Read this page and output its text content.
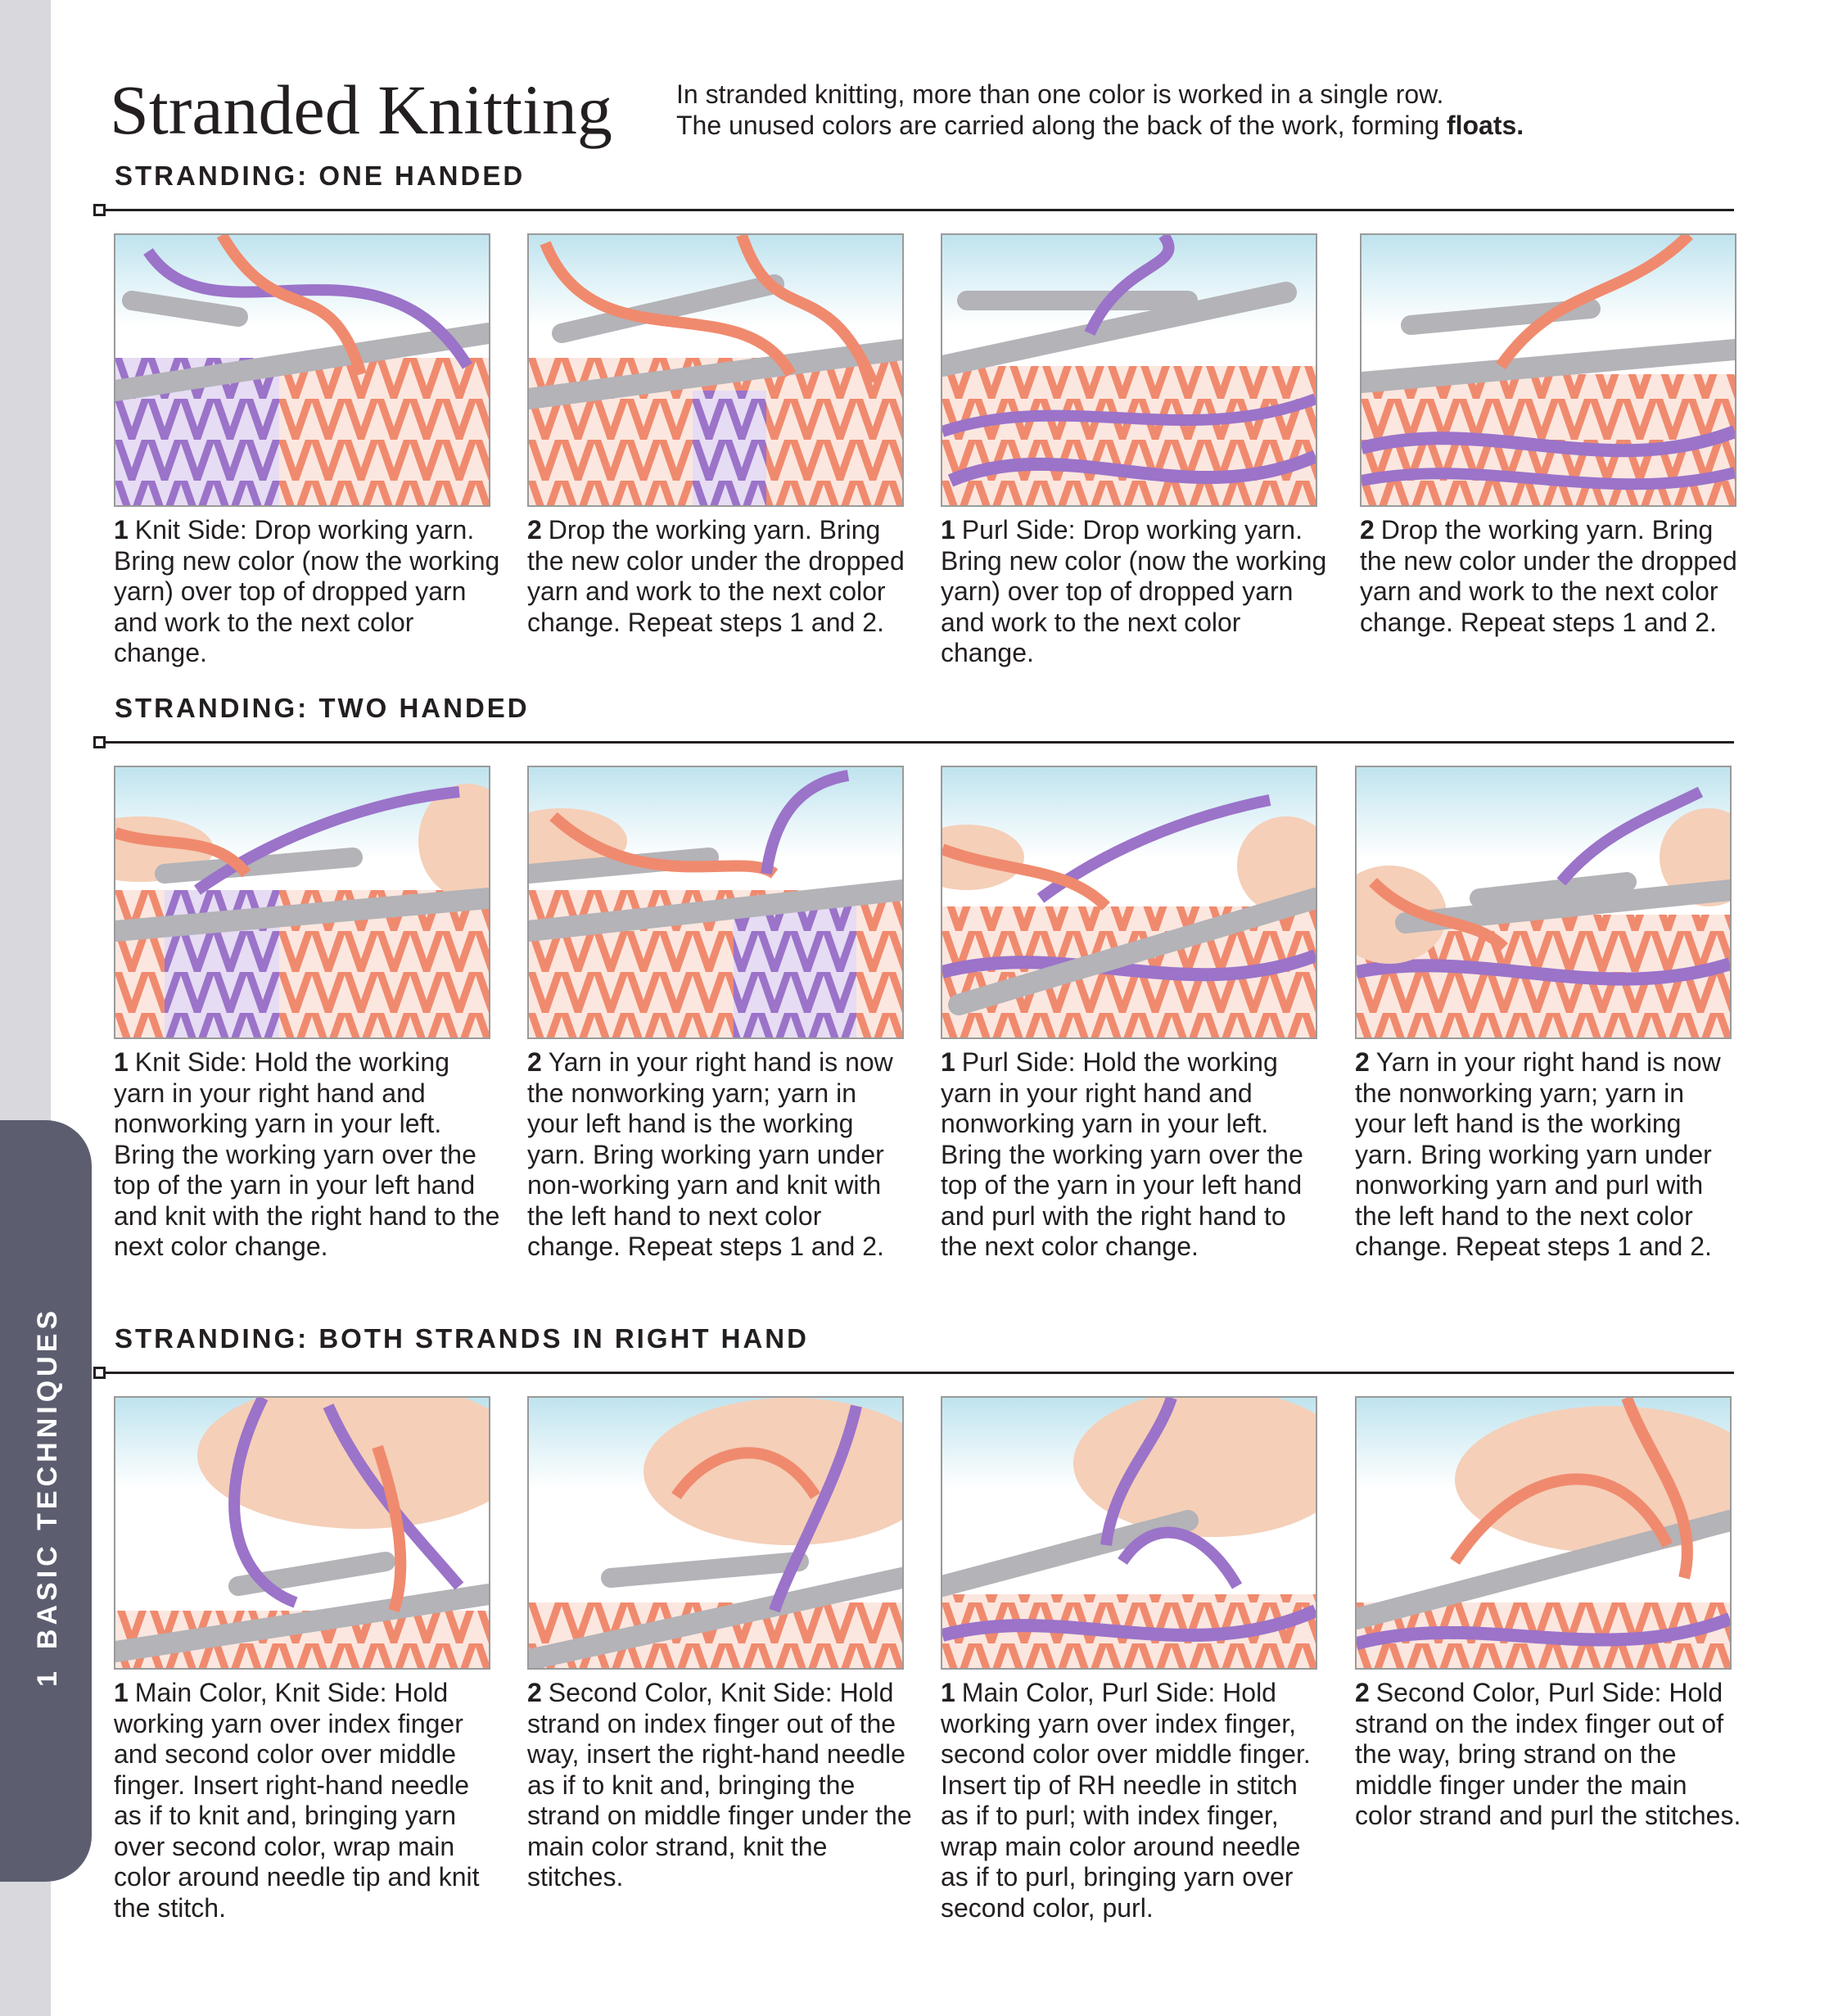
1BASIC TECHNIQUES
Stranded Knitting In stranded knitting, more than one color is worked in a single row.

The unused colors are carried along the back of the work, forming floats.

STRANDING: ONE HANDED
STRANDING: TWO HANDED
STRANDING: BOTH STRANDS IN RIGHT HAND
1 Knit Side: Drop working yarn. Bring new color (now the working yarn) over top of dropped yarn and work to the next color change.
2 Drop the working yarn. Bring the new color under the dropped yarn and work to the next color change. Repeat steps 1 and 2.
1 Purl Side: Drop working yarn. Bring new color (now the working yarn) over top of dropped yarn and work to the next color change.
2 Drop the working yarn. Bring the new color under the dropped yarn and work to the next color change. Repeat steps 1 and 2.
1 Knit Side: Hold the working yarn in your right hand and nonworking yarn in your left. Bring the working yarn over the top of the yarn in your left hand and knit with the right hand to the next color change.
2 Yarn in your right hand is now the nonworking yarn; yarn in your left hand is the working yarn. Bring working yarn under non-working yarn and knit with the left hand to next color change. Repeat steps 1 and 2.
1 Purl Side: Hold the working yarn in your right hand and nonworking yarn in your left. Bring the working yarn over the top of the yarn in your left hand and purl with the right hand to the next color change.
2 Yarn in your right hand is now the nonworking yarn; yarn in your left hand is the working yarn. Bring working yarn under nonworking yarn and purl with the left hand to the next color change. Repeat steps 1 and 2.
1 Main Color, Knit Side: Hold working yarn over index finger and second color over middle finger. Insert right-hand needle as if to knit and, bringing yarn over second color, wrap main color around needle tip and knit the stitch.
2 Second Color, Knit Side: Hold strand on index finger out of the way, insert the right-hand needle as if to knit and, bringing the strand on middle finger under the main color strand, knit the stitches.
1 Main Color, Purl Side: Hold working yarn over index finger, second color over middle finger. Insert tip of RH needle in stitch as if to purl; with index finger, wrap main color around needle as if to purl, bringing yarn over second color, purl.
2 Second Color, Purl Side: Hold strand on the index finger out of the way, bring strand on the middle finger under the main color strand and purl the stitches.
